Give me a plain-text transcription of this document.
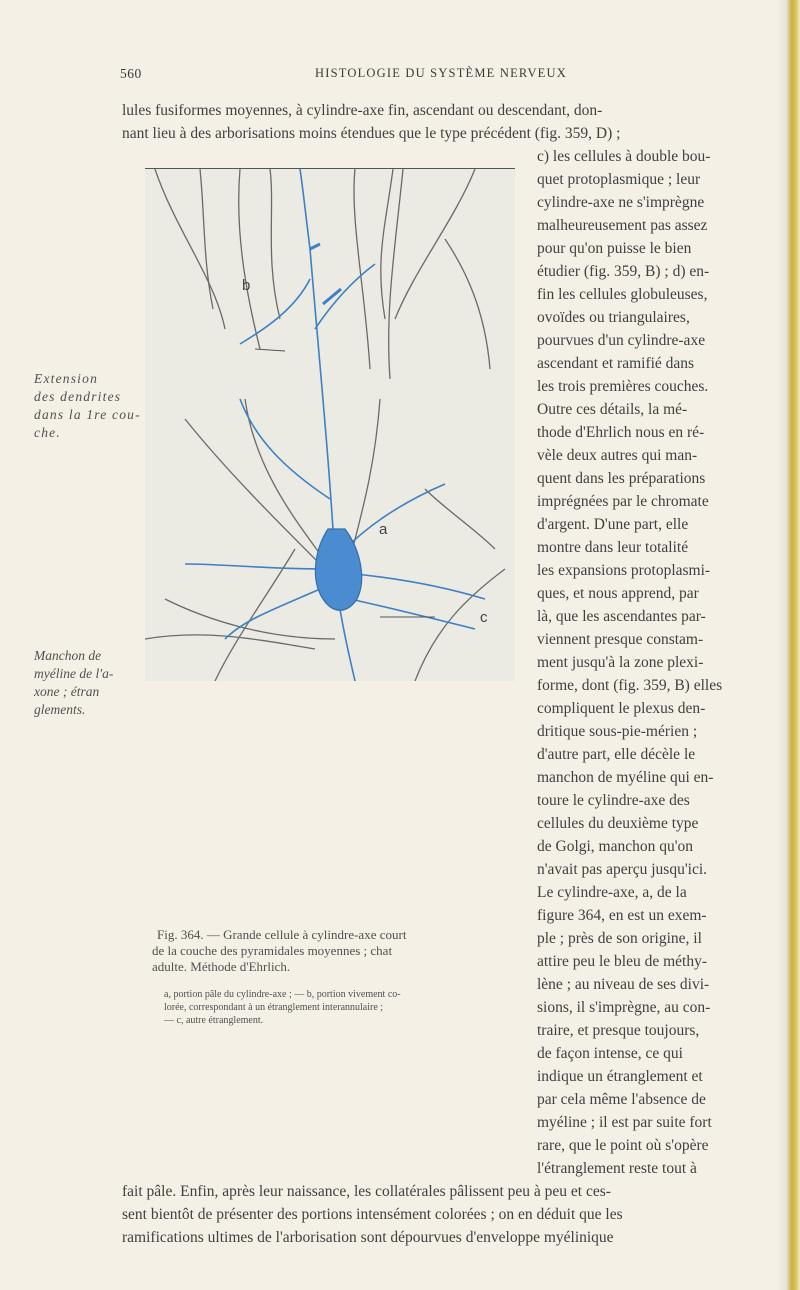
560	HISTOLOGIE DU SYSTÈME NERVEUX
lules fusiformes moyennes, à cylindre-axe fin, ascendant ou descendant, don-
nant lieu à des arborisations moins étendues que le type précédent (fig. 359, D) ;
Extension
des dendrites
dans la 1re cou-
che.
Manchon de
myéline de l'a-
xone ; étran
glements.
b
a
c
Fig. 364. — Grande cellule à cylindre-axe court
de la couche des pyramidales moyennes ; chat
adulte. Méthode d'Ehrlich.
a, portion pâle du cylindre-axe ; — b, portion vivement co-
lorée, correspondant à un étranglement interannulaire ;
— c, autre étranglement.
c) les cellules à double bou-
quet protoplasmique ; leur
cylindre-axe ne s'imprègne
malheureusement pas assez
pour qu'on puisse le bien
étudier (fig. 359, B) ; d) en-
fin les cellules globuleuses,
ovoïdes ou triangulaires,
pourvues d'un cylindre-axe
ascendant et ramifié dans
les trois premières couches.
Outre ces détails, la mé-
thode d'Ehrlich nous en ré-
vèle deux autres qui man-
quent dans les préparations
imprégnées par le chromate
d'argent. D'une part, elle
montre dans leur totalité
les expansions protoplasmi-
ques, et nous apprend, par
là, que les ascendantes par-
viennent presque constam-
ment jusqu'à la zone plexi-
forme, dont (fig. 359, B) elles
compliquent le plexus den-
dritique sous-pie-mérien ;
d'autre part, elle décèle le
manchon de myéline qui en-
toure le cylindre-axe des
cellules du deuxième type
de Golgi, manchon qu'on
n'avait pas aperçu jusqu'ici.
Le cylindre-axe, a, de la
figure 364, en est un exem-
ple ; près de son origine, il
attire peu le bleu de méthy-
lène ; au niveau de ses divi-
sions, il s'imprègne, au con-
traire, et presque toujours,
de façon intense, ce qui
indique un étranglement et
par cela même l'absence de
myéline ; il est par suite fort
rare, que le point où s'opère
l'étranglement reste tout à
fait pâle. Enfin, après leur naissance, les collatérales pâlissent peu à peu et ces-
sent bientôt de présenter des portions intensément colorées ; on en déduit que les
ramifications ultimes de l'arborisation sont dépourvues d'enveloppe myélinique
